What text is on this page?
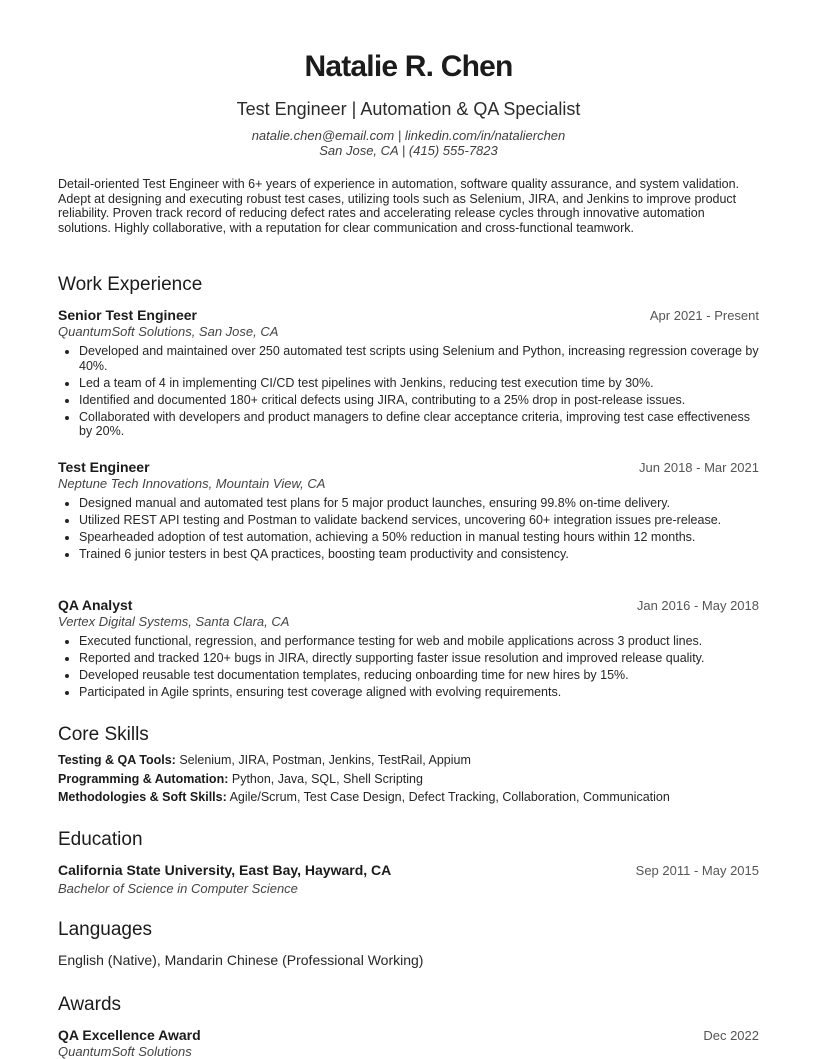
Natalie R. Chen
Test Engineer | Automation & QA Specialist
natalie.chen@email.com | linkedin.com/in/natalierchen
San Jose, CA | (415) 555-7823

Detail-oriented Test Engineer with 6+ years of experience in automation, software quality assurance, and system validation. Adept at designing and executing robust test cases, utilizing tools such as Selenium, JIRA, and Jenkins to improve product reliability. Proven track record of reducing defect rates and accelerating release cycles through innovative automation solutions. Highly collaborative, with a reputation for clear communication and cross-functional teamwork.

Work Experience
Senior Test Engineer	Apr 2021 - Present
QuantumSoft Solutions, San Jose, CA
• Developed and maintained over 250 automated test scripts using Selenium and Python, increasing regression coverage by 40%.
• Led a team of 4 in implementing CI/CD test pipelines with Jenkins, reducing test execution time by 30%.
• Identified and documented 180+ critical defects using JIRA, contributing to a 25% drop in post-release issues.
• Collaborated with developers and product managers to define clear acceptance criteria, improving test case effectiveness by 20%.
Test Engineer	Jun 2018 - Mar 2021
Neptune Tech Innovations, Mountain View, CA
• Designed manual and automated test plans for 5 major product launches, ensuring 99.8% on-time delivery.
• Utilized REST API testing and Postman to validate backend services, uncovering 60+ integration issues pre-release.
• Spearheaded adoption of test automation, achieving a 50% reduction in manual testing hours within 12 months.
• Trained 6 junior testers in best QA practices, boosting team productivity and consistency.
QA Analyst	Jan 2016 - May 2018
Vertex Digital Systems, Santa Clara, CA
• Executed functional, regression, and performance testing for web and mobile applications across 3 product lines.
• Reported and tracked 120+ bugs in JIRA, directly supporting faster issue resolution and improved release quality.
• Developed reusable test documentation templates, reducing onboarding time for new hires by 15%.
• Participated in Agile sprints, ensuring test coverage aligned with evolving requirements.
Core Skills
Testing & QA Tools: Selenium, JIRA, Postman, Jenkins, TestRail, Appium
Programming & Automation: Python, Java, SQL, Shell Scripting
Methodologies & Soft Skills: Agile/Scrum, Test Case Design, Defect Tracking, Collaboration, Communication
Education
California State University, East Bay, Hayward, CA	Sep 2011 - May 2015
Bachelor of Science in Computer Science
Languages
English (Native), Mandarin Chinese (Professional Working)
Awards
QA Excellence Award	Dec 2022
QuantumSoft Solutions
